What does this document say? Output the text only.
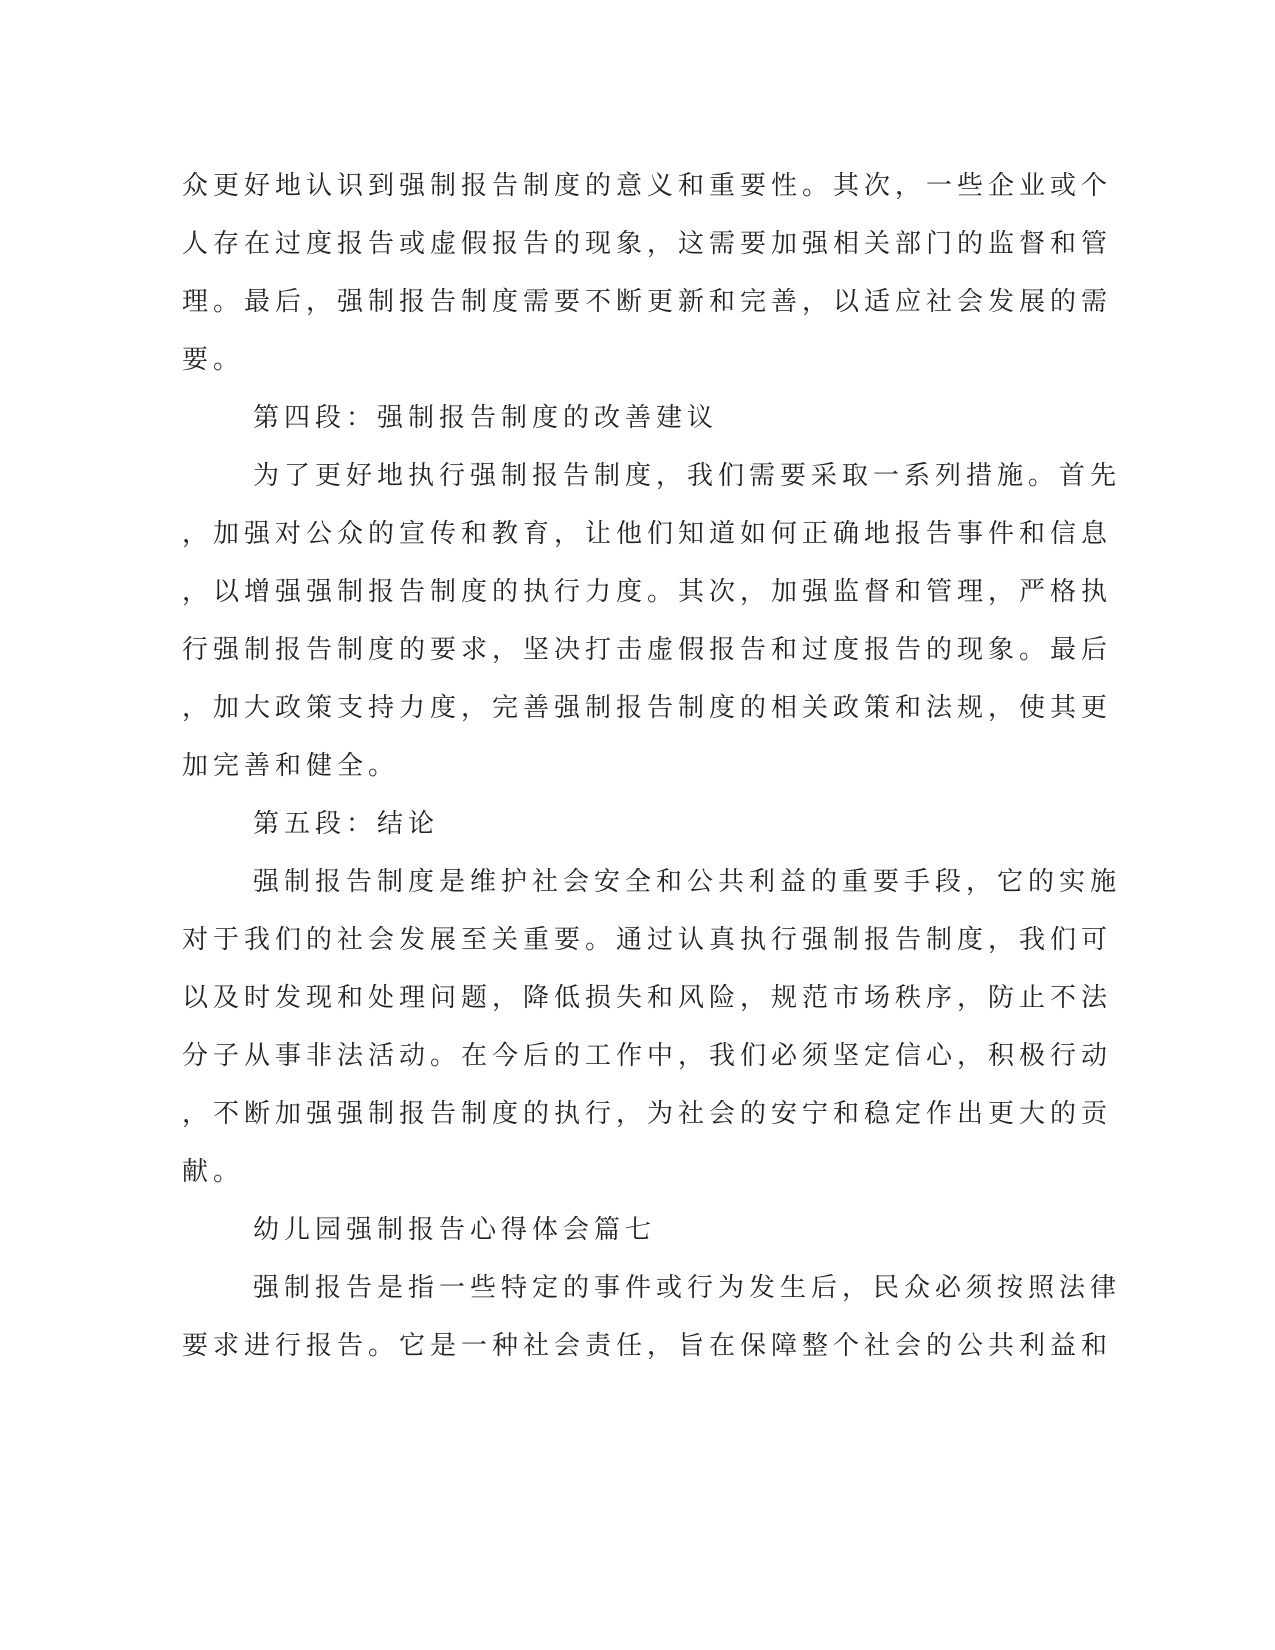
众更好地认识到强制报告制度的意义和重要性。其次，一些企业或个
人存在过度报告或虚假报告的现象，这需要加强相关部门的监督和管
理。最后，强制报告制度需要不断更新和完善，以适应社会发展的需
要。
第四段：强制报告制度的改善建议
为了更好地执行强制报告制度，我们需要采取一系列措施。首先
，加强对公众的宣传和教育，让他们知道如何正确地报告事件和信息
，以增强强制报告制度的执行力度。其次，加强监督和管理，严格执
行强制报告制度的要求，坚决打击虚假报告和过度报告的现象。最后
，加大政策支持力度，完善强制报告制度的相关政策和法规，使其更
加完善和健全。
第五段：结论
强制报告制度是维护社会安全和公共利益的重要手段，它的实施
对于我们的社会发展至关重要。通过认真执行强制报告制度，我们可
以及时发现和处理问题，降低损失和风险，规范市场秩序，防止不法
分子从事非法活动。在今后的工作中，我们必须坚定信心，积极行动
，不断加强强制报告制度的执行，为社会的安宁和稳定作出更大的贡
献。
幼儿园强制报告心得体会篇七
强制报告是指一些特定的事件或行为发生后，民众必须按照法律
要求进行报告。它是一种社会责任，旨在保障整个社会的公共利益和
